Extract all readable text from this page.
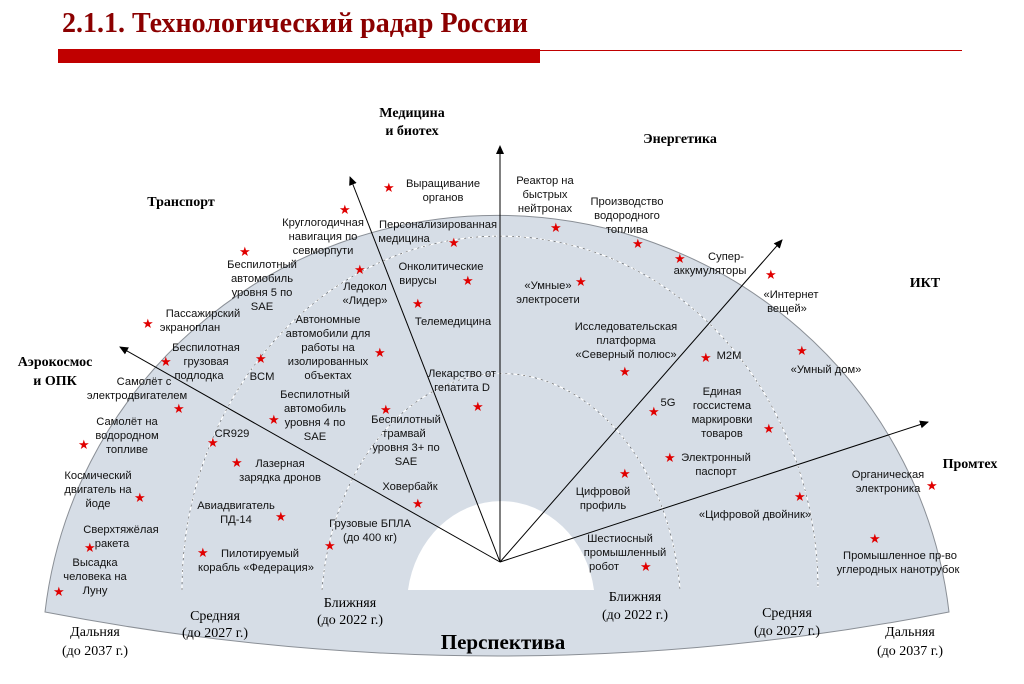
2.1.1. Технологический радар России
Медицина и биотех
Энергетика
Транспорт
Аэрокосмос и ОПК
ИКТ
Промтех
Выращивание органов
★
Персонализированная медицина	★
Онколитические вирусы	★
Телемедицина
★
Лекарство от гепатита D
★
Круглогодичная навигация по севморпути
★
Беспилотный автомобиль уровня 5 по SAE
★
Ледокол «Лидер»
★
Пассажирский экраноплан
★
Беспилотная грузовая подлодка
★
BCM
★
Автономные автомобили для работы на изолированных объектах
★
Беспилотный автомобиль уровня 4 по SAE
★	Беспилотный трамвай уровня 3+ по SAE
★
Ховербайк
★
Грузовые БПЛА (до 400 кг)
★
Самолёт с электродвигателем
★
Самолёт на водородном топливе
★
Космический двигатель на йоде	★
Сверхтяжёлая ракета
★
Высадка человека на Луну
★
CR929
★
Лазерная зарядка дронов
★
Авиадвигатель ПД-14	★
Пилотируемый корабль «Федерация»
★
Реактор на быстрых нейтронах
★
Производство водородного топлива
★
Супер-аккумуляторы
★
«Умные» электросети
★
Исследовательская платформа «Северный полюс»
★
«Интернет вещей»
★
M2M
★
«Умный дом»
★
5G
★
Единая госсистема маркировки товаров	★
Электронный паспорт
★
Цифровой профиль
★
«Цифровой двойник»
★
Шестиосный промышленный робот	★
Органическая электроника ★
Промышленное пр-во углеродных нанотрубок
★
Ближняя (до 2022 г.)
Средняя (до 2027 г.)
Дальняя (до 2037 г.)
Ближняя (до 2022 г.)	Средняя (до 2027 г.)	Дальняя (до 2037 г.)
Перспектива
